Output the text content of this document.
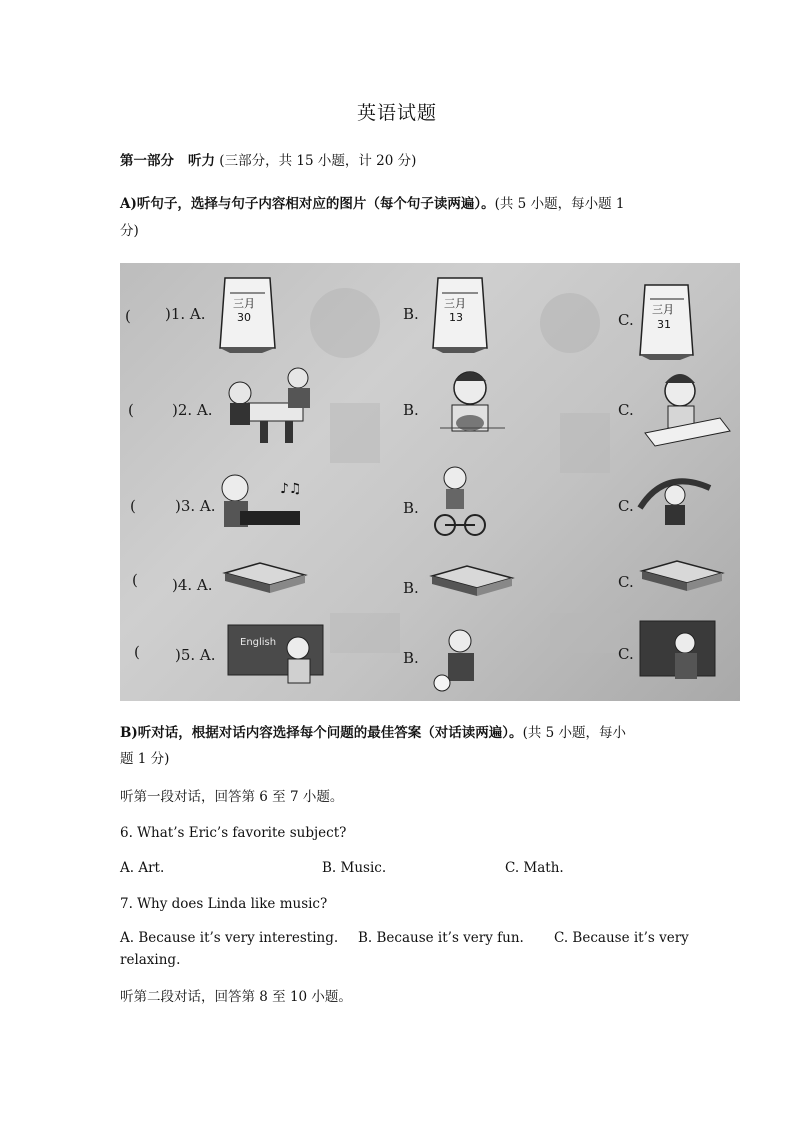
英语试题
第一部分 听力 (三部分，共 15 小题，计 20 分)
A)听句子，选择与句子内容相对应的图片（每个句子读两遍）。(共 5 小题，每小题 1
分)
三月
30
三月
13
三月
31
♪♫
English
( )1. A.	B.	C.
(	)2. A.	B.	C.
(	)3. A.	B.	C.
( )4. A.	B.	C.
( )5. A.	B.	C.
B)听对话，根据对话内容选择每个问题的最佳答案（对话读两遍）。(共 5 小题，每小
题 1 分)
听第一段对话，回答第 6 至 7 小题。
6. What’s Eric’s favorite subject?
A. Art.	B. Music.	C. Math.
7. Why does Linda like music?
A. Because it’s very interesting. B. Because it’s very fun. C. Because it’s very
relaxing.
听第二段对话，回答第 8 至 10 小题。
